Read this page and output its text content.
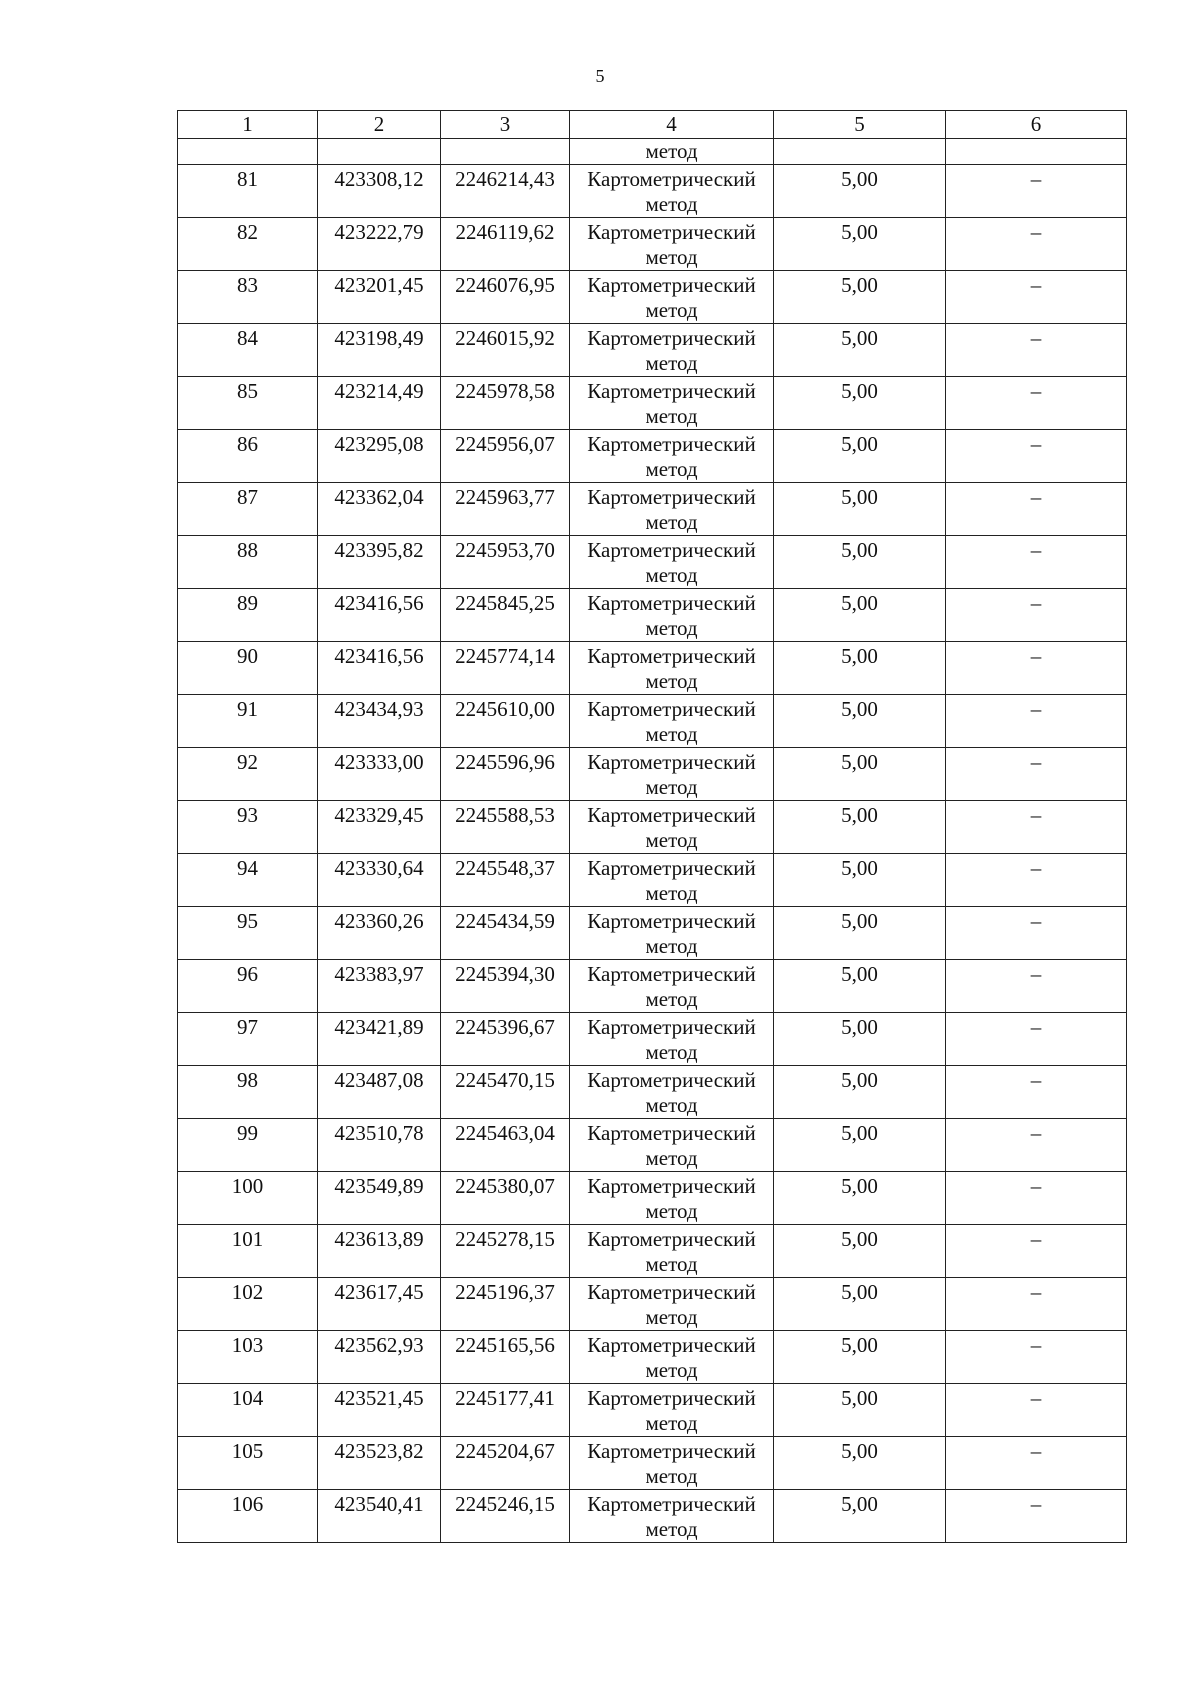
5
1	2	3	4	5	6
			метод		
81	423308,12	2246214,43	Картометрический
метод	5,00	–
82	423222,79	2246119,62	Картометрический
метод	5,00	–
83	423201,45	2246076,95	Картометрический
метод	5,00	–
84	423198,49	2246015,92	Картометрический
метод	5,00	–
85	423214,49	2245978,58	Картометрический
метод	5,00	–
86	423295,08	2245956,07	Картометрический
метод	5,00	–
87	423362,04	2245963,77	Картометрический
метод	5,00	–
88	423395,82	2245953,70	Картометрический
метод	5,00	–
89	423416,56	2245845,25	Картометрический
метод	5,00	–
90	423416,56	2245774,14	Картометрический
метод	5,00	–
91	423434,93	2245610,00	Картометрический
метод	5,00	–
92	423333,00	2245596,96	Картометрический
метод	5,00	–
93	423329,45	2245588,53	Картометрический
метод	5,00	–
94	423330,64	2245548,37	Картометрический
метод	5,00	–
95	423360,26	2245434,59	Картометрический
метод	5,00	–
96	423383,97	2245394,30	Картометрический
метод	5,00	–
97	423421,89	2245396,67	Картометрический
метод	5,00	–
98	423487,08	2245470,15	Картометрический
метод	5,00	–
99	423510,78	2245463,04	Картометрический
метод	5,00	–
100	423549,89	2245380,07	Картометрический
метод	5,00	–
101	423613,89	2245278,15	Картометрический
метод	5,00	–
102	423617,45	2245196,37	Картометрический
метод	5,00	–
103	423562,93	2245165,56	Картометрический
метод	5,00	–
104	423521,45	2245177,41	Картометрический
метод	5,00	–
105	423523,82	2245204,67	Картометрический
метод	5,00	–
106	423540,41	2245246,15	Картометрический
метод	5,00	–
